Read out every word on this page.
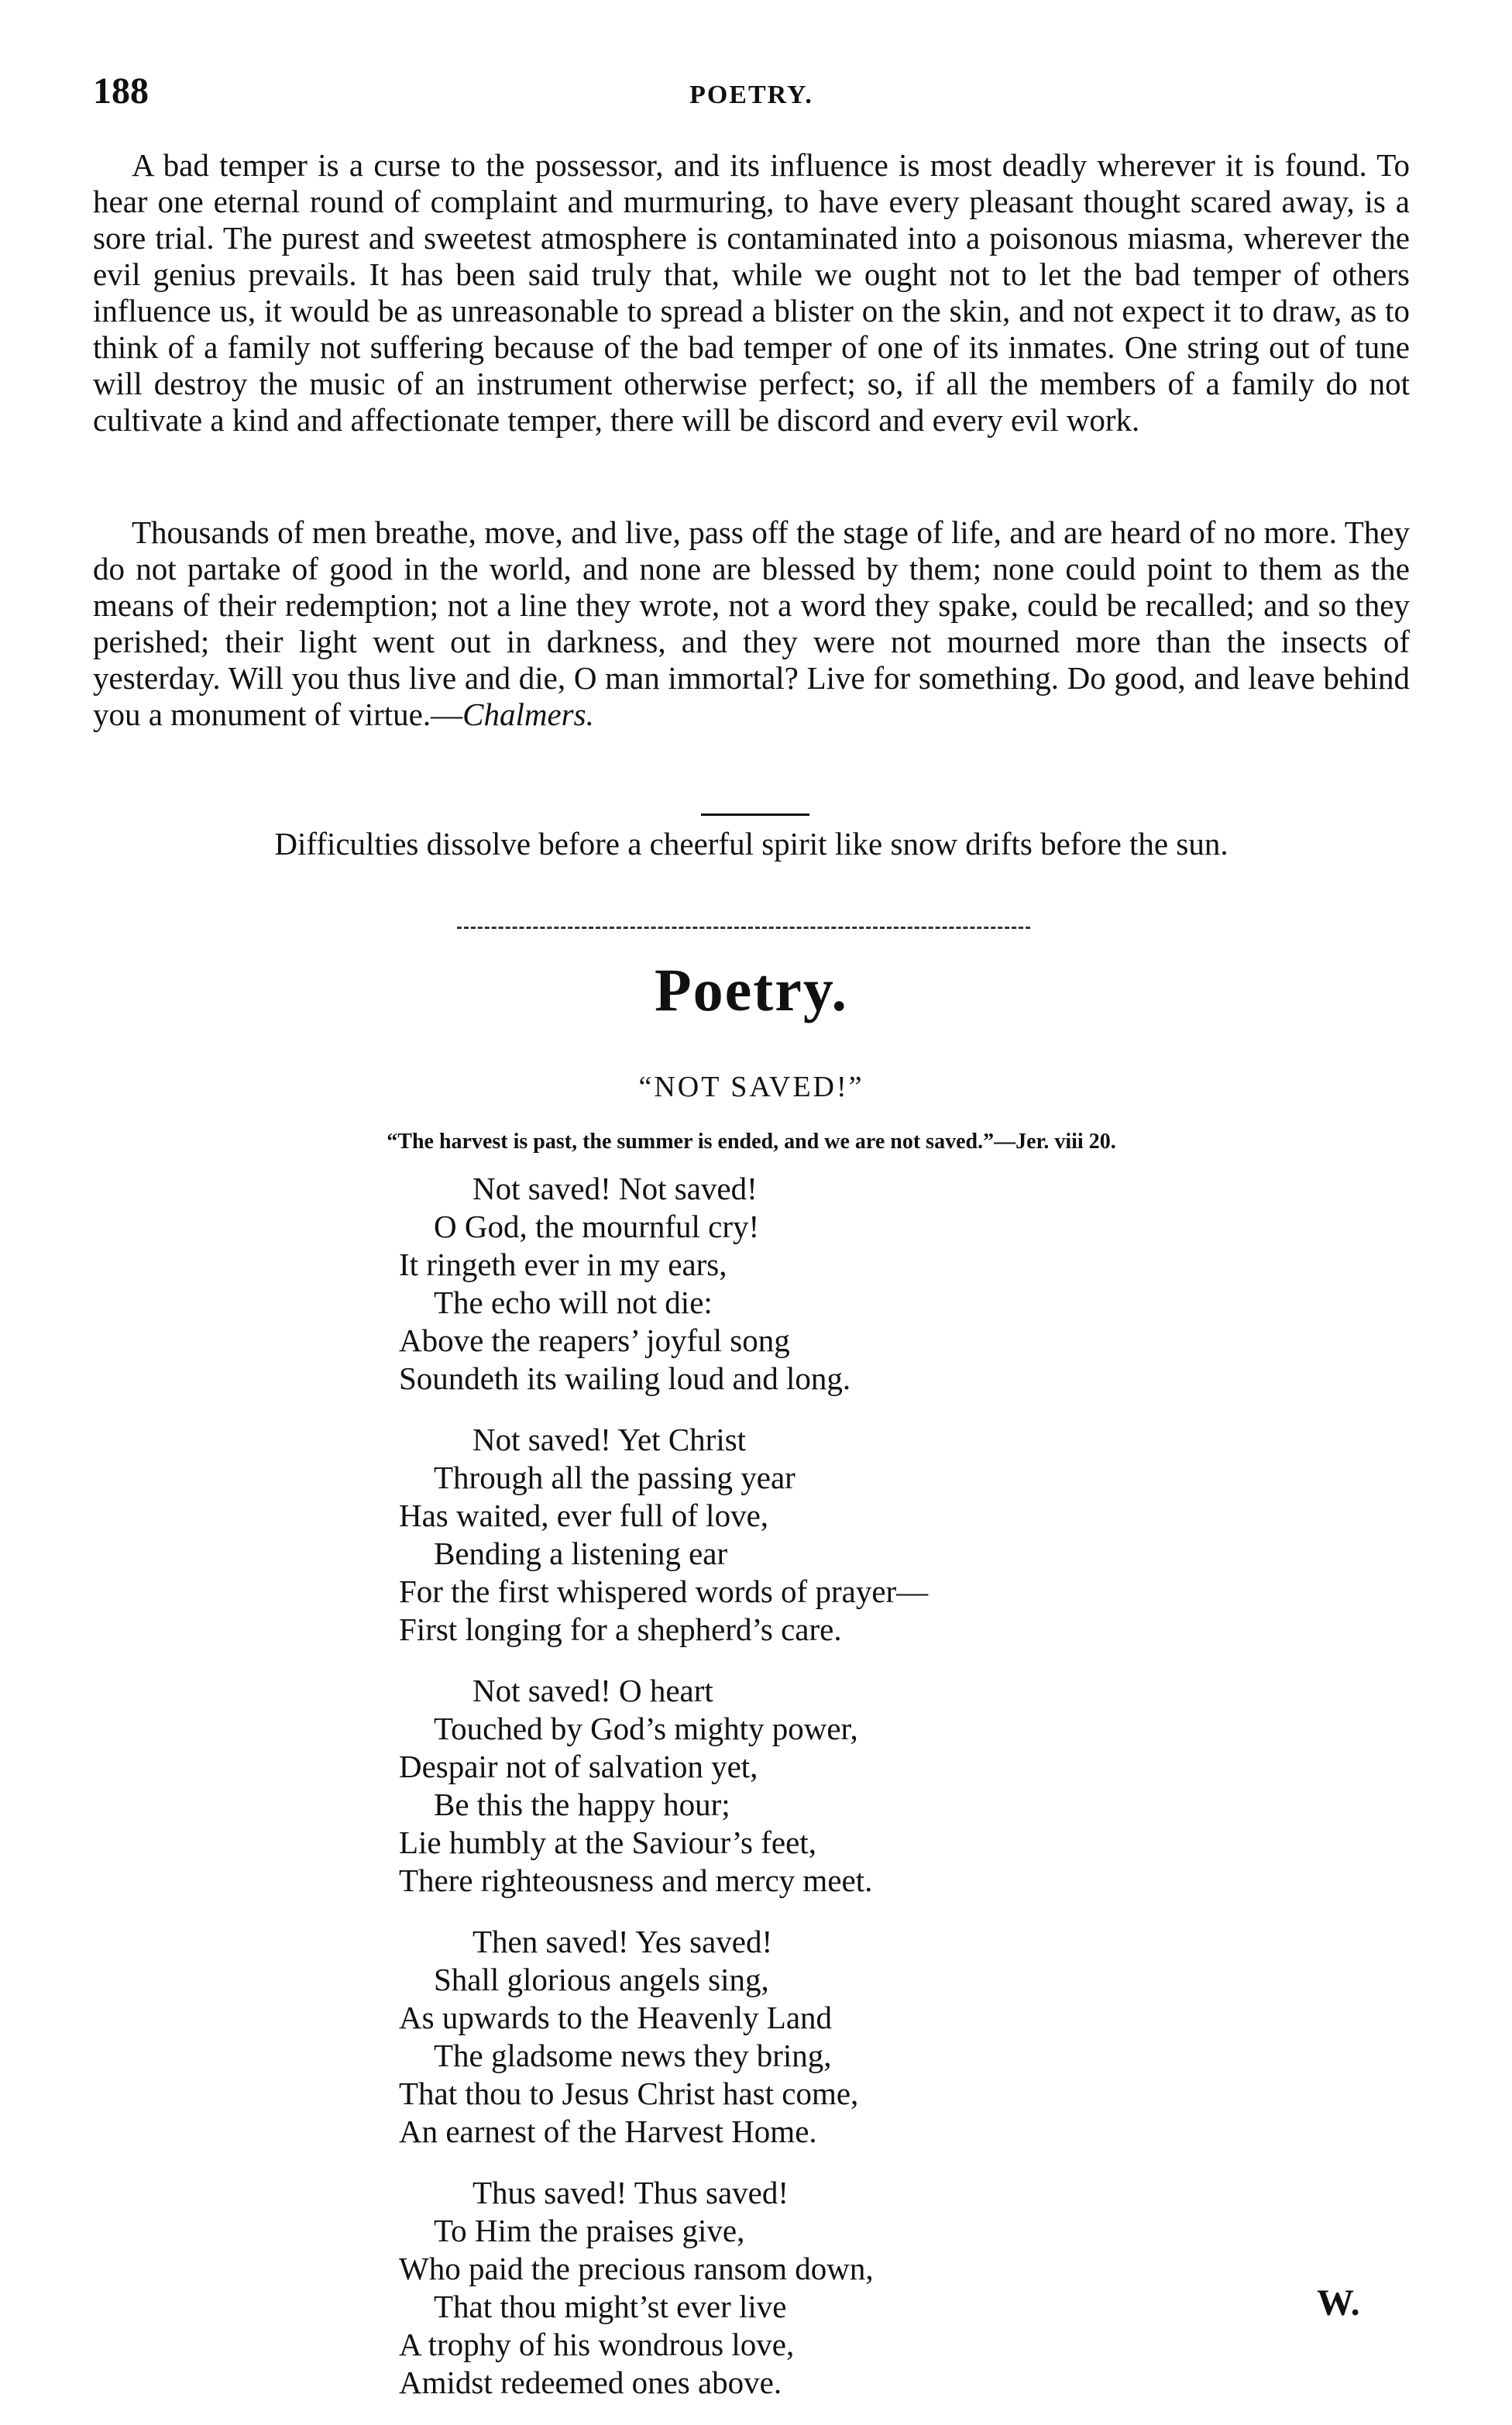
188	POETRY.

A bad temper is a curse to the possessor, and its influence is most deadly wherever it is found. To hear one eternal round of complaint and murmuring, to have every pleasant thought scared away, is a sore trial. The purest and sweetest atmosphere is contaminated into a poisonous miasma, wherever the evil genius prevails. It has been said truly that, while we ought not to let the bad temper of others influence us, it would be as unreasonable to spread a blister on the skin, and not expect it to draw, as to think of a family not suffering because of the bad temper of one of its inmates. One string out of tune will destroy the music of an instrument otherwise perfect; so, if all the members of a family do not cultivate a kind and affectionate temper, there will be discord and every evil work.

Thousands of men breathe, move, and live, pass off the stage of life, and are heard of no more. They do not partake of good in the world, and none are blessed by them; none could point to them as the means of their redemption; not a line they wrote, not a word they spake, could be recalled; and so they perished; their light went out in darkness, and they were not mourned more than the insects of yesterday. Will you thus live and die, O man immortal? Live for something. Do good, and leave behind you a monument of virtue.—Chalmers.

Difficulties dissolve before a cheerful spirit like snow drifts before the sun.
Poetry.
“NOT SAVED!”
“The harvest is past, the summer is ended, and we are not saved.”—Jer. viii 20.
Not saved! Not saved!
O God, the mournful cry!
It ringeth ever in my ears,
The echo will not die:
Above the reapers’ joyful song
Soundeth its wailing loud and long.
Not saved! Yet Christ
Through all the passing year
Has waited, ever full of love,
Bending a listening ear
For the first whispered words of prayer—
First longing for a shepherd’s care.
Not saved! O heart
Touched by God’s mighty power,
Despair not of salvation yet,
Be this the happy hour;
Lie humbly at the Saviour’s feet,
There righteousness and mercy meet.
Then saved! Yes saved!
Shall glorious angels sing,
As upwards to the Heavenly Land
The gladsome news they bring,
That thou to Jesus Christ hast come,
An earnest of the Harvest Home.
Thus saved! Thus saved!
To Him the praises give,
Who paid the precious ransom down,
That thou might’st ever live
A trophy of his wondrous love,
Amidst redeemed ones above.
W.
